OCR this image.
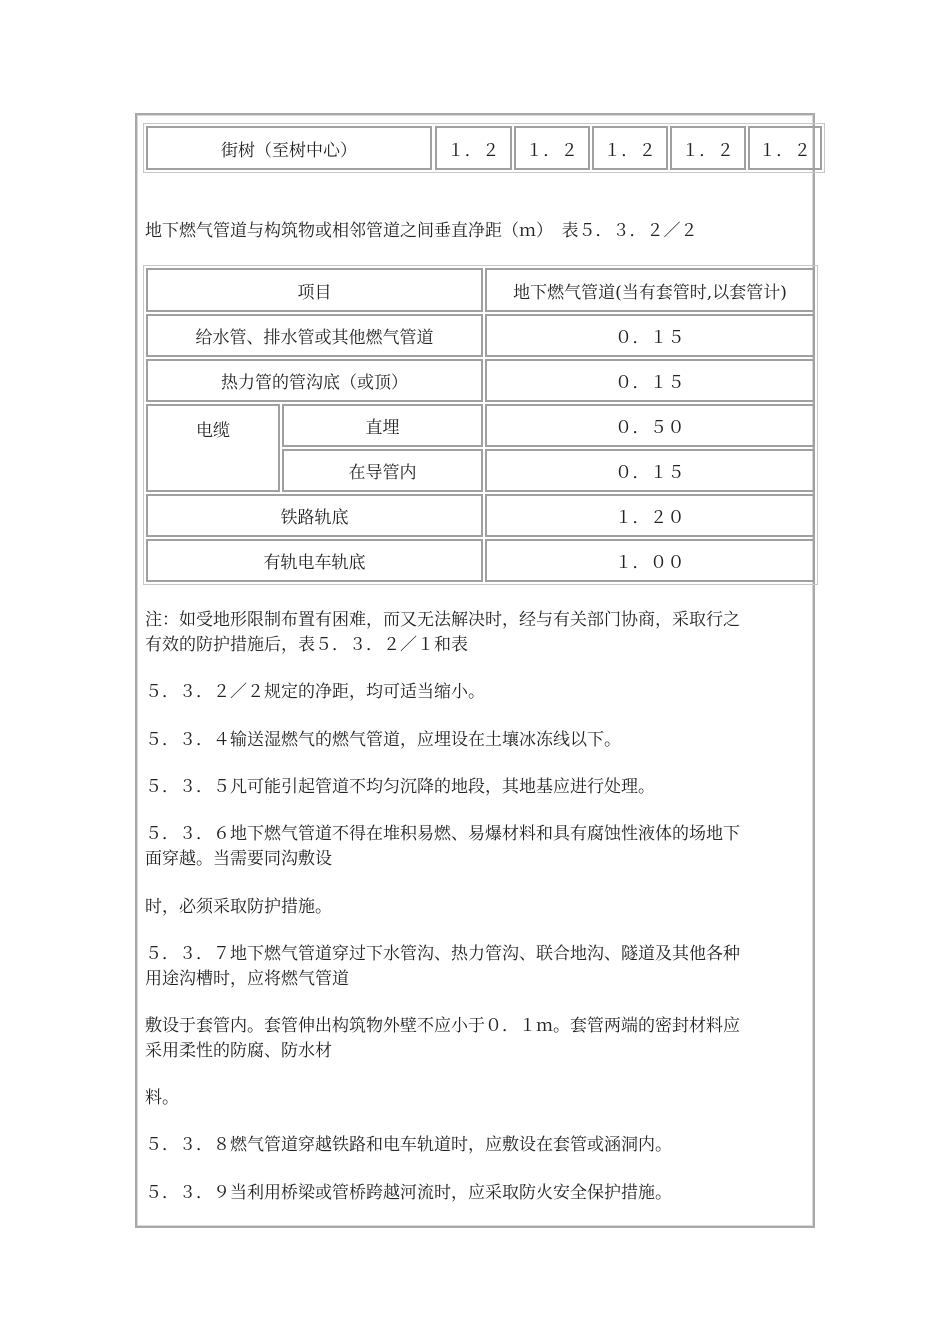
街树（至树中心）	１．２	１．２	１．２	１．２	１．２
地下燃气管道与构筑物或相邻管道之间垂直净距（ｍ）　表５．３．２／２
项目	地下燃气管道(当有套管时,以套管计)
给水管、排水管或其他燃气管道	０．１５
热力管的管沟底（或顶）	０．１５
电缆	直埋	０．５０
在导管内	０．１５
铁路轨底	１．２０
有轨电车轨底	１．００
注：如受地形限制布置有困难，而又无法解决时，经与有关部门协商，采取行之
有效的防护措施后，表５．３．２／１和表
５．３．２／２规定的净距，均可适当缩小。
５．３．４输送湿燃气的燃气管道，应埋设在土壤冰冻线以下。
５．３．５凡可能引起管道不均匀沉降的地段，其地基应进行处理。
５．３．６地下燃气管道不得在堆积易燃、易爆材料和具有腐蚀性液体的场地下
面穿越。当需要同沟敷设
时，必须采取防护措施。
５．３．７地下燃气管道穿过下水管沟、热力管沟、联合地沟、隧道及其他各种
用途沟槽时，应将燃气管道
敷设于套管内。套管伸出构筑物外壁不应小于０．１ｍ。套管两端的密封材料应
采用柔性的防腐、防水材
料。
５．３．８燃气管道穿越铁路和电车轨道时，应敷设在套管或涵洞内。
５．３．９当利用桥梁或管桥跨越河流时，应采取防火安全保护措施。
